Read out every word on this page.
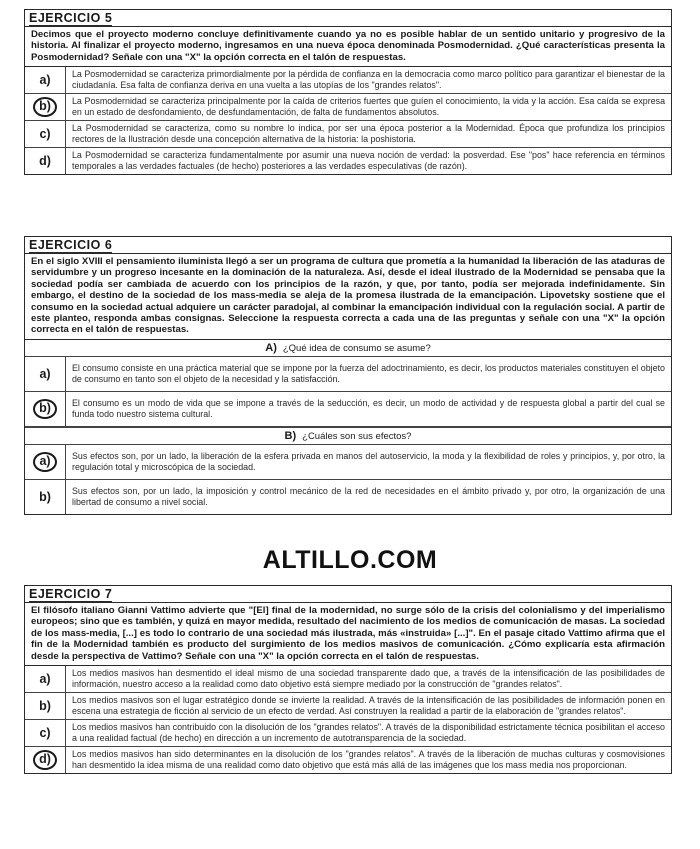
EJERCICIO 5
Decimos que el proyecto moderno concluye definitivamente cuando ya no es posible hablar de un sentido unitario y progresivo de la historia. Al finalizar el proyecto moderno, ingresamos en una nueva época denominada Posmodernidad. ¿Qué características presenta la Posmodernidad? Señale con una "X" la opción correcta en el talón de respuestas.
a)	La Posmodernidad se caracteriza primordialmente por la pérdida de confianza en la democracia como marco político para garantizar el bienestar de la ciudadanía. Esa falta de confianza deriva en una vuelta a las utopías de los "grandes relatos".
b)	La Posmodernidad se caracteriza principalmente por la caída de criterios fuertes que guíen el conocimiento, la vida y la acción. Esa caída se expresa en un estado de desfondamiento, de desfundamentación, de falta de fundamentos absolutos.
c)	La Posmodernidad se caracteriza, como su nombre lo indica, por ser una época posterior a la Modernidad. Época que profundiza los principios rectores de la Ilustración desde una concepción alternativa de la historia: la poshistoria.
d)	La Posmodernidad se caracteriza fundamentalmente por asumir una nueva noción de verdad: la posverdad. Ese "pos" hace referencia en términos temporales a las verdades factuales (de hecho) posteriores a las verdades especulativas (de razón).
EJERCICIO 6
En el siglo XVIII el pensamiento iluminista llegó a ser un programa de cultura que prometía a la humanidad la liberación de las ataduras de servidumbre y un progreso incesante en la dominación de la naturaleza. Así, desde el ideal ilustrado de la Modernidad se pensaba que la sociedad podía ser cambiada de acuerdo con los principios de la razón, y que, por tanto, podía ser mejorada indefinidamente. Sin embargo, el destino de la sociedad de los mass-media se aleja de la promesa ilustrada de la emancipación. Lipovetsky sostiene que el consumo en la sociedad actual adquiere un carácter paradojal, al combinar la emancipación individual con la regulación social. A partir de este planteo, responda ambas consignas. Seleccione la respuesta correcta a cada una de las preguntas y señale con una "X" la opción correcta en el talón de respuestas.
A) ¿Qué idea de consumo se asume?
a)	El consumo consiste en una práctica material que se impone por la fuerza del adoctrinamiento, es decir, los productos materiales constituyen el objeto de consumo en tanto son el objeto de la necesidad y la satisfacción.
b)	El consumo es un modo de vida que se impone a través de la seducción, es decir, un modo de actividad y de respuesta global a partir del cual se funda todo nuestro sistema cultural.
B) ¿Cuáles son sus efectos?
a)	Sus efectos son, por un lado, la liberación de la esfera privada en manos del autoservicio, la moda y la flexibilidad de roles y principios, y, por otro, la regulación total y microscópica de la sociedad.
b)	Sus efectos son, por un lado, la imposición y control mecánico de la red de necesidades en el ámbito privado y, por otro, la organización de una libertad de consumo a nivel social.
ALTILLO.COM
EJERCICIO 7
El filósofo italiano Gianni Vattimo advierte que "[El] final de la modernidad, no surge sólo de la crisis del colonialismo y del imperialismo europeos; sino que es también, y quizá en mayor medida, resultado del nacimiento de los medios de comunicación de masas. La sociedad de los mass-media, [...] es todo lo contrario de una sociedad más ilustrada, más «instruida» [...]". En el pasaje citado Vattimo afirma que el fin de la Modernidad también es producto del surgimiento de los medios masivos de comunicación. ¿Cómo explicaría esta afirmación desde la perspectiva de Vattimo? Señale con una "X" la opción correcta en el talón de respuestas.
a)	Los medios masivos han desmentido el ideal mismo de una sociedad transparente dado que, a través de la intensificación de las posibilidades de información, nuestro acceso a la realidad como dato objetivo está siempre mediado por la construcción de "grandes relatos".
b)	Los medios masivos son el lugar estratégico donde se invierte la realidad. A través de la intensificación de las posibilidades de información ponen en escena una estrategia de ficción al servicio de un efecto de verdad. Así construyen la realidad a partir de la elaboración de "grandes relatos".
c)	Los medios masivos han contribuido con la disolución de los "grandes relatos". A través de la disponibilidad estrictamente técnica posibilitan el acceso a una realidad factual (de hecho) en dirección a un incremento de autotransparencia de la sociedad.
d)	Los medios masivos han sido determinantes en la disolución de los "grandes relatos". A través de la liberación de muchas culturas y cosmovisiones han desmentido la idea misma de una realidad como dato objetivo que está más allá de las imágenes que los mass media nos proporcionan.
